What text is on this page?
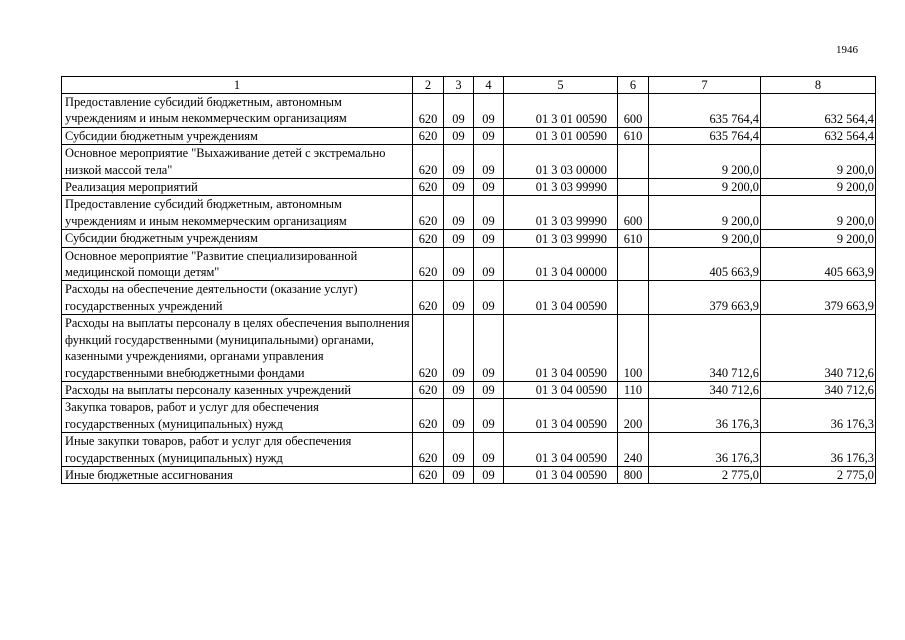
1946
1	2	3	4	5	6	7	8
Предоставление субсидий бюджетным, автономным учреждениям и иным некоммерческим организациям	620	09	09	01 3 01 00590	600	635 764,4	632 564,4
Субсидии бюджетным учреждениям	620	09	09	01 3 01 00590	610	635 764,4	632 564,4
Основное мероприятие "Выхаживание детей с экстремально низкой массой тела"	620	09	09	01 3 03 00000		9 200,0	9 200,0
Реализация мероприятий	620	09	09	01 3 03 99990		9 200,0	9 200,0
Предоставление субсидий бюджетным, автономным учреждениям и иным некоммерческим организациям	620	09	09	01 3 03 99990	600	9 200,0	9 200,0
Субсидии бюджетным учреждениям	620	09	09	01 3 03 99990	610	9 200,0	9 200,0
Основное мероприятие "Развитие специализированной медицинской помощи детям"	620	09	09	01 3 04 00000		405 663,9	405 663,9
Расходы на обеспечение деятельности (оказание услуг) государственных учреждений	620	09	09	01 3 04 00590		379 663,9	379 663,9
Расходы на выплаты персоналу в целях обеспечения выполнения функций государственными (муниципальными) органами, казенными учреждениями, органами управления государственными внебюджетными фондами	620	09	09	01 3 04 00590	100	340 712,6	340 712,6
Расходы на выплаты персоналу казенных учреждений	620	09	09	01 3 04 00590	110	340 712,6	340 712,6
Закупка товаров, работ и услуг для обеспечения государственных (муниципальных) нужд	620	09	09	01 3 04 00590	200	36 176,3	36 176,3
Иные закупки товаров, работ и услуг для обеспечения государственных (муниципальных) нужд	620	09	09	01 3 04 00590	240	36 176,3	36 176,3
Иные бюджетные ассигнования	620	09	09	01 3 04 00590	800	2 775,0	2 775,0
